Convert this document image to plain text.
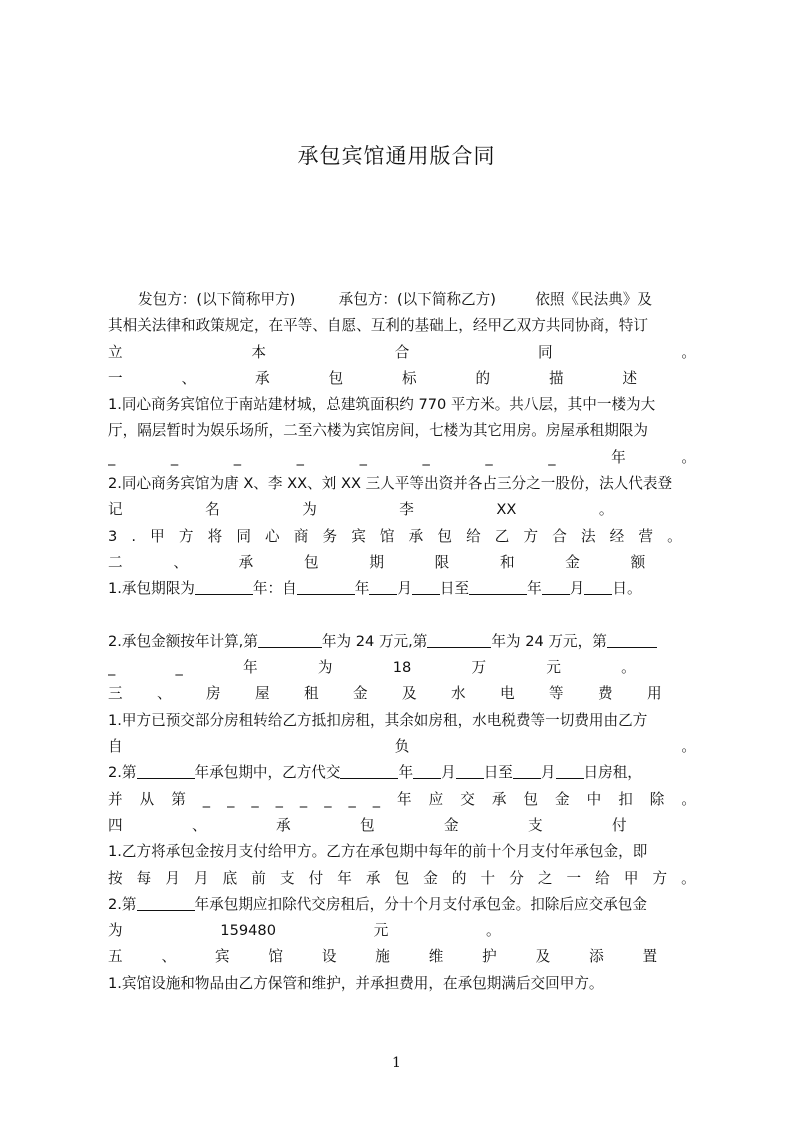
承包宾馆通用版合同
发包方：(以下简称甲方)	承包方：(以下简称乙方)	依照《民法典》及
其相关法律和政策规定，在平等、自愿、互利的基础上，经甲乙双方共同协商，特订
立	本	合	同	。
一	、	承	包	标	的	描	述
1.同心商务宾馆位于南站建材城，总建筑面积约 770 平方米。共八层，其中一楼为大
厅，隔层暂时为娱乐场所，二至六楼为宾馆房间，七楼为其它用房。房屋承租期限为
_	_	_	_	_	_	_	_	年	。
2.同心商务宾馆为唐 X、李 XX、刘 XX 三人平等出资并各占三分之一股份，法人代表登
记	名	为	李	XX	。
3 . 甲 方 将 同 心 商 务 宾 馆 承 包 给 乙 方 合 法 经 营 。
二	、	承	包	期	限	和	金	额
1.承包期限为	年：自	年 月 日至	年 月 日。
2.承包金额按年计算,第	年为 24 万元,第	年为 24 万元，第
_	_	年	为	18	万	元	。
三 、 房 屋 租 金 及 水 电 等 费 用
1.甲方已预交部分房租转给乙方抵扣房租，其余如房租，水电税费等一切费用由乙方
自	负	。
2.第	年承包期中，乙方代交	年 月 日至 月 日房租，
并 从 第 _ _ _ _ _ _ _ _ 年 应 交 承 包 金 中 扣 除 。
四	、	承	包	金	支	付
1.乙方将承包金按月支付给甲方。乙方在承包期中每年的前十个月支付年承包金，即
按 每 月 月 底 前 支 付 年 承 包 金 的 十 分 之 一 给 甲 方 。
2.第	年承包期应扣除代交房租后，分十个月支付承包金。扣除后应交承包金
为	159480	元	。
五	、	宾	馆	设	施	维	护	及	添	置
1.宾馆设施和物品由乙方保管和维护，并承担费用，在承包期满后交回甲方。
1
